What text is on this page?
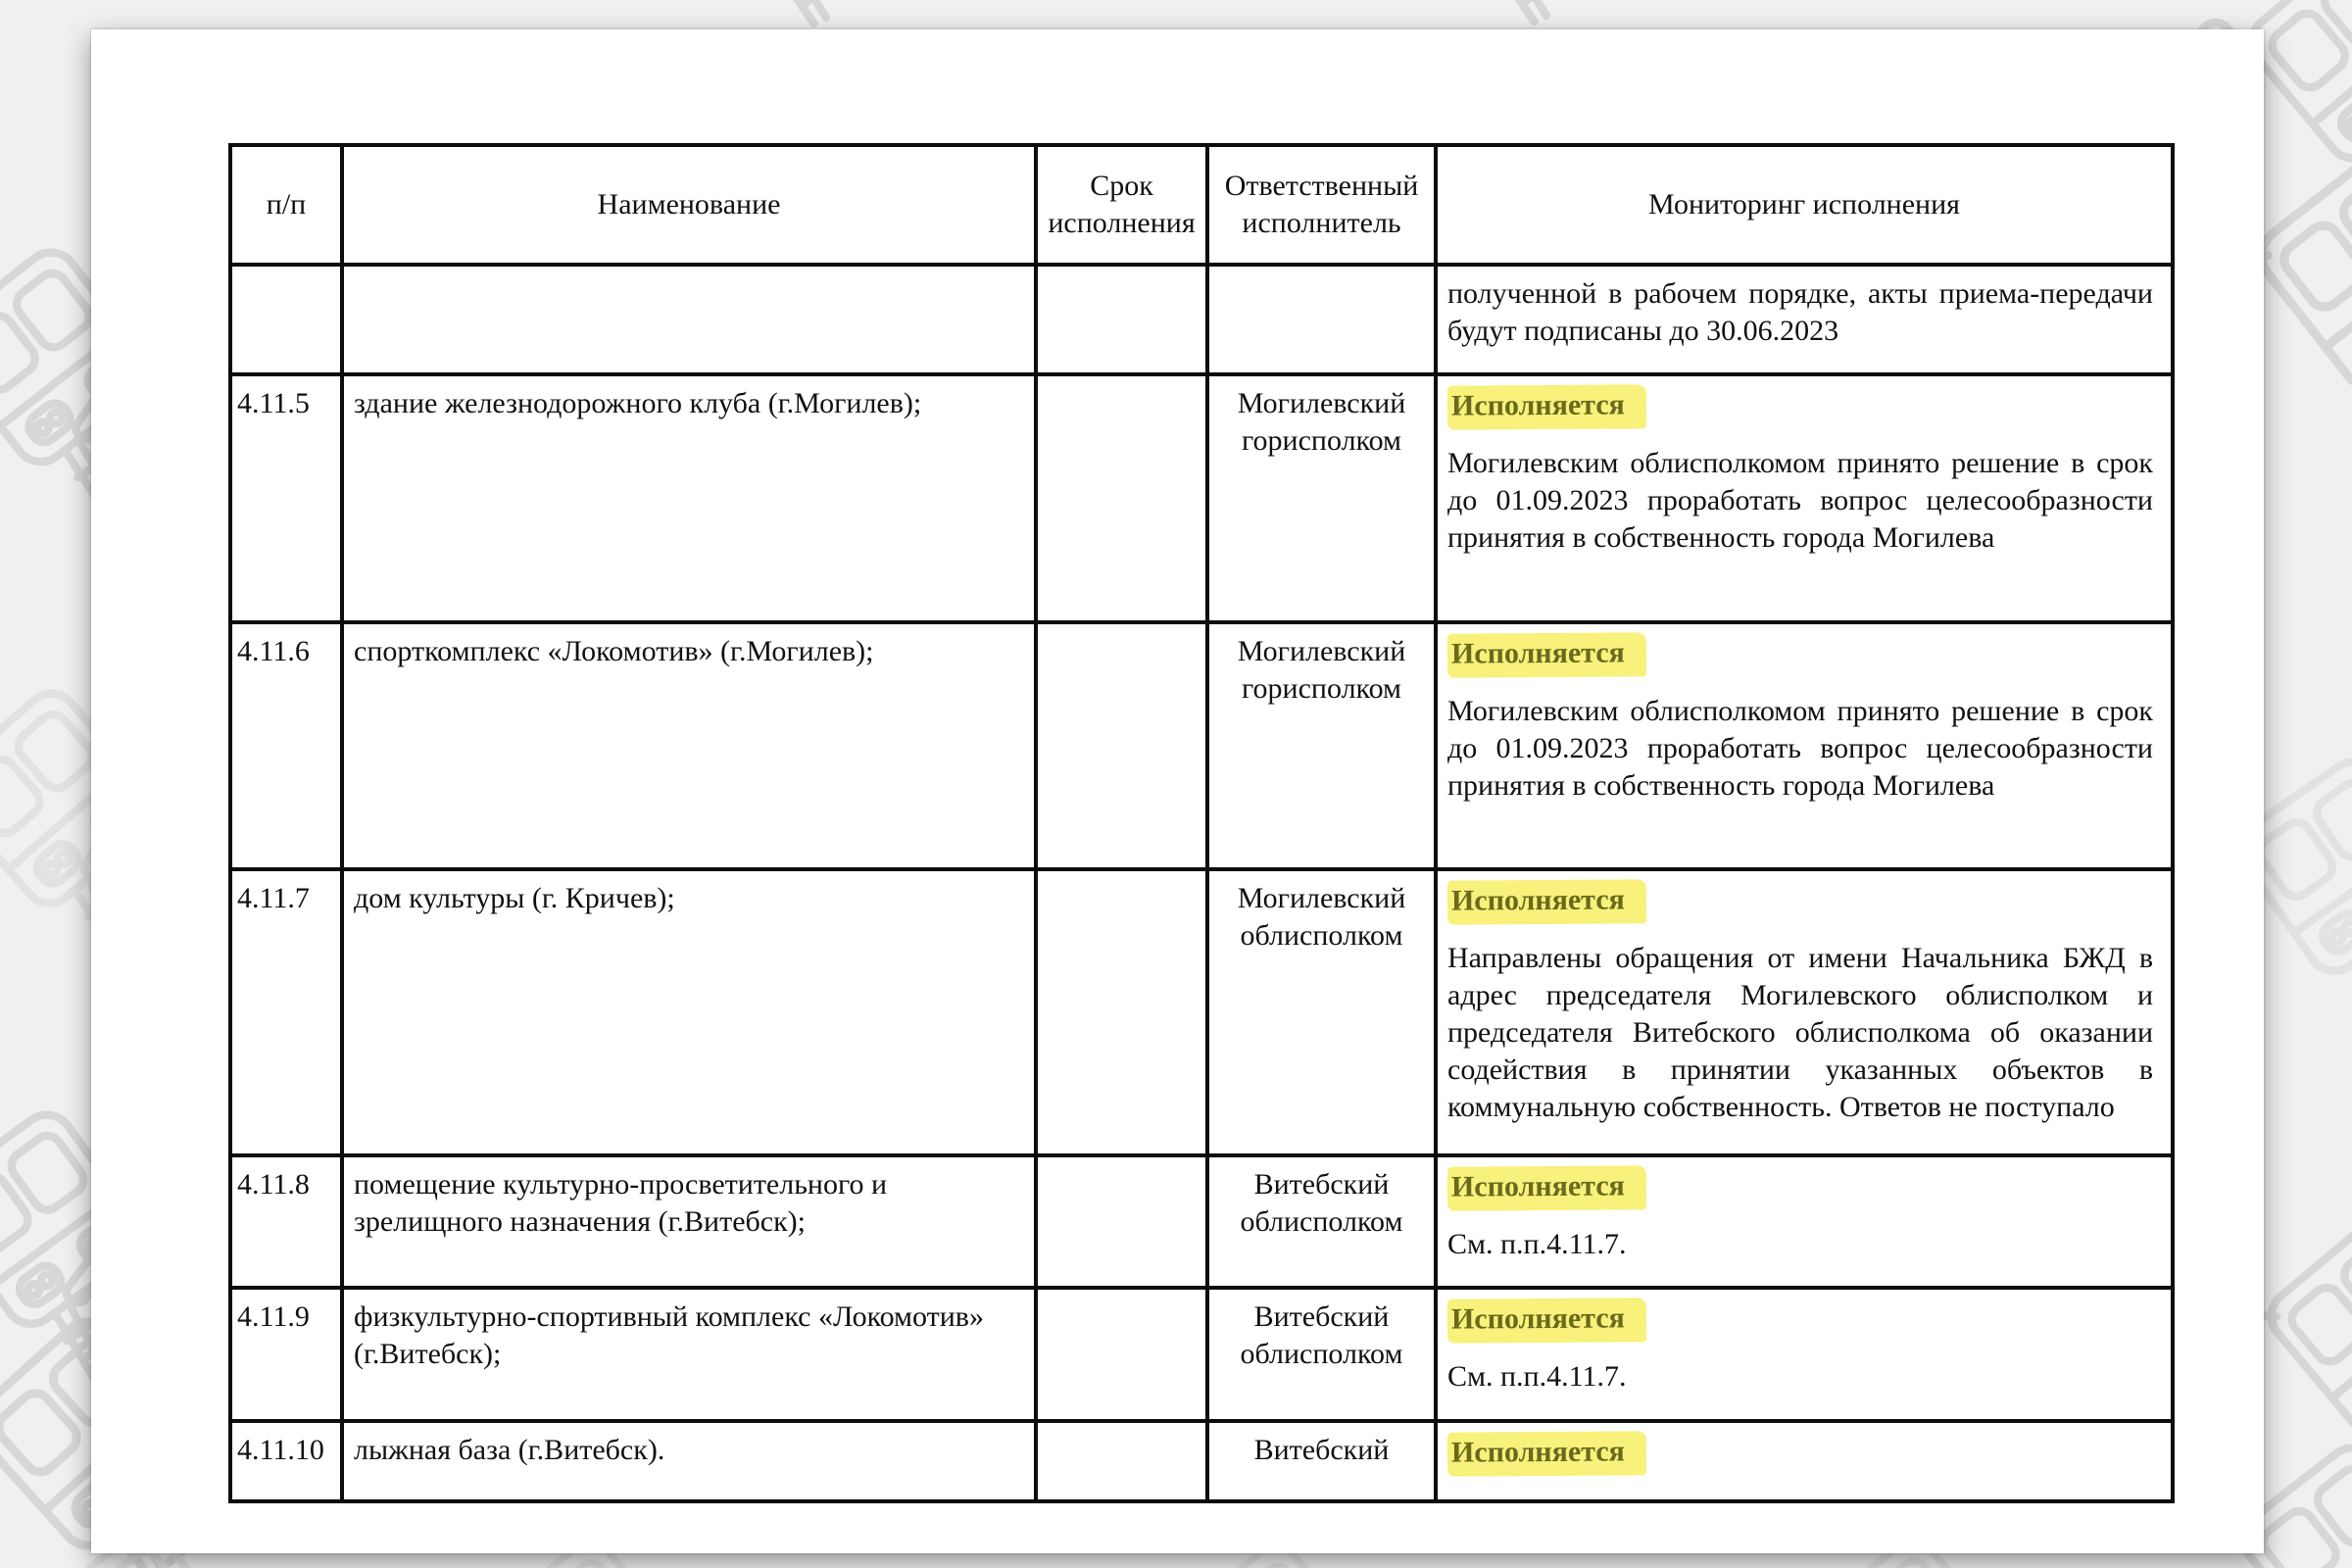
п/п	Наименование	Срок исполнения	Ответственный исполнитель	Мониторинг исполнения

				полученной в рабочем порядке, акты приема-передачи будут подписаны до 30.06.2023

4.11.5	здание железнодорожного клуба (г.Могилев);		Могилевский горисполком	Исполняется
Могилевским облисполкомом принято решение в срок до 01.09.2023 проработать вопрос целесообразности принятия в собственность города Могилева

4.11.6	спорткомплекс «Локомотив» (г.Могилев);		Могилевский горисполком	Исполняется
Могилевским облисполкомом принято решение в срок до 01.09.2023 проработать вопрос целесообразности принятия в собственность города Могилева

4.11.7	дом культуры (г. Кричев);		Могилевский облисполком	Исполняется
Направлены обращения от имени Начальника БЖД в адрес председателя Могилевского облисполком и председателя Витебского облисполкома об оказании содействия в принятии указанных объектов в коммунальную собственность. Ответов не поступало

4.11.8	помещение культурно-просветительного и зрелищного назначения (г.Витебск);		Витебский облисполком	Исполняется
См. п.п.4.11.7.

4.11.9	физкультурно-спортивный комплекс «Локомотив» (г.Витебск);		Витебский облисполком	Исполняется
См. п.п.4.11.7.

4.11.10	лыжная база (г.Витебск).		Витебский	Исполняется
